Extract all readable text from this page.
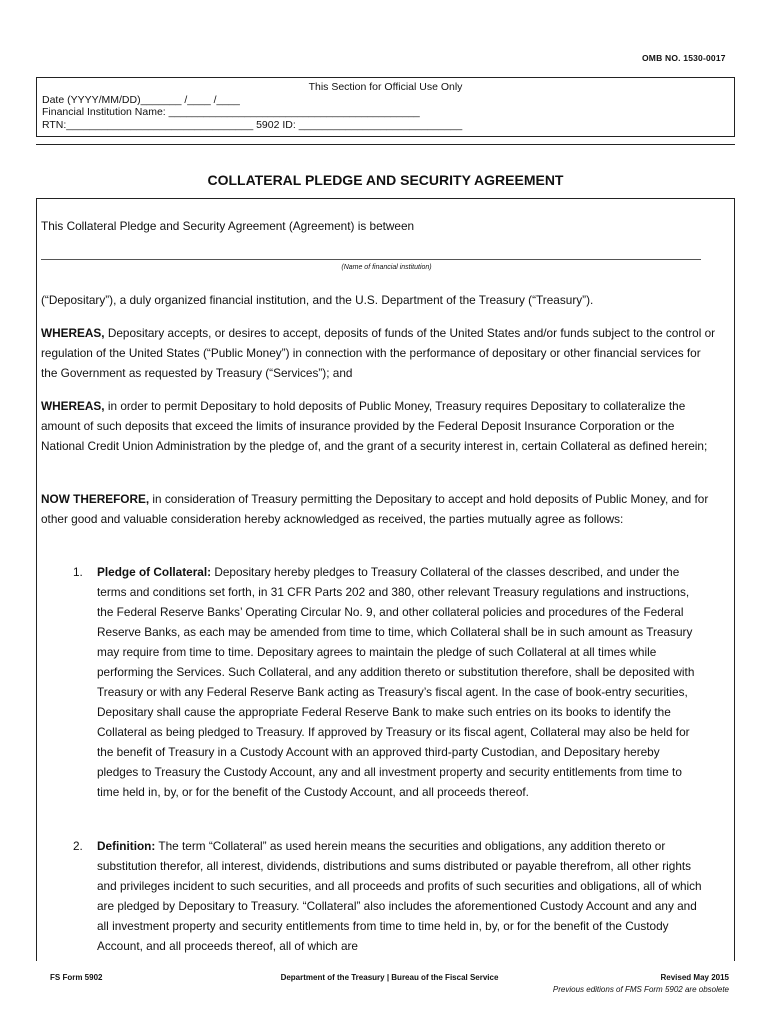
OMB NO. 1530-0017
This Section for Official Use Only
Date (YYYY/MM/DD)_______ /____ /____
Financial Institution Name: ___________________________________________
RTN:________________________________ 5902 ID: ____________________________
COLLATERAL PLEDGE AND SECURITY AGREEMENT
This Collateral Pledge and Security Agreement (Agreement) is between
(Name of financial institution)
(“Depositary”), a duly organized financial institution, and the U.S. Department of the Treasury (“Treasury”).
WHEREAS, Depositary accepts, or desires to accept, deposits of funds of the United States and/or funds subject to the control or regulation of the United States (“Public Money”) in connection with the performance of depositary or other financial services for the Government as requested by Treasury (“Services”); and
WHEREAS, in order to permit Depositary to hold deposits of Public Money, Treasury requires Depositary to collateralize the amount of such deposits that exceed the limits of insurance provided by the Federal Deposit Insurance Corporation or the National Credit Union Administration by the pledge of, and the grant of a security interest in, certain Collateral as defined herein;
NOW THEREFORE, in consideration of Treasury permitting the Depositary to accept and hold deposits of Public Money, and for other good and valuable consideration hereby acknowledged as received, the parties mutually agree as follows:
1.	Pledge of Collateral: Depositary hereby pledges to Treasury Collateral of the classes described, and under the terms and conditions set forth, in 31 CFR Parts 202 and 380, other relevant Treasury regulations and instructions, the Federal Reserve Banks’ Operating Circular No. 9, and other collateral policies and procedures of the Federal Reserve Banks, as each may be amended from time to time, which Collateral shall be in such amount as Treasury may require from time to time. Depositary agrees to maintain the pledge of such Collateral at all times while performing the Services. Such Collateral, and any addition thereto or substitution therefore, shall be deposited with Treasury or with any Federal Reserve Bank acting as Treasury’s fiscal agent. In the case of book-entry securities, Depositary shall cause the appropriate Federal Reserve Bank to make such entries on its books to identify the Collateral as being pledged to Treasury. If approved by Treasury or its fiscal agent, Collateral may also be held for the benefit of Treasury in a Custody Account with an approved third-party Custodian, and Depositary hereby pledges to Treasury the Custody Account, any and all investment property and security entitlements from time to time held in, by, or for the benefit of the Custody Account, and all proceeds thereof.
2.	Definition: The term “Collateral” as used herein means the securities and obligations, any addition thereto or substitution therefor, all interest, dividends, distributions and sums distributed or payable therefrom, all other rights and privileges incident to such securities, and all proceeds and profits of such securities and obligations, all of which are pledged by Depositary to Treasury. “Collateral” also includes the aforementioned Custody Account and any and all investment property and security entitlements from time to time held in, by, or for the benefit of the Custody Account, and all proceeds thereof, all of which are
FS Form 5902	Department of the Treasury | Bureau of the Fiscal Service	Revised May 2015
Previous editions of FMS Form 5902 are obsolete
